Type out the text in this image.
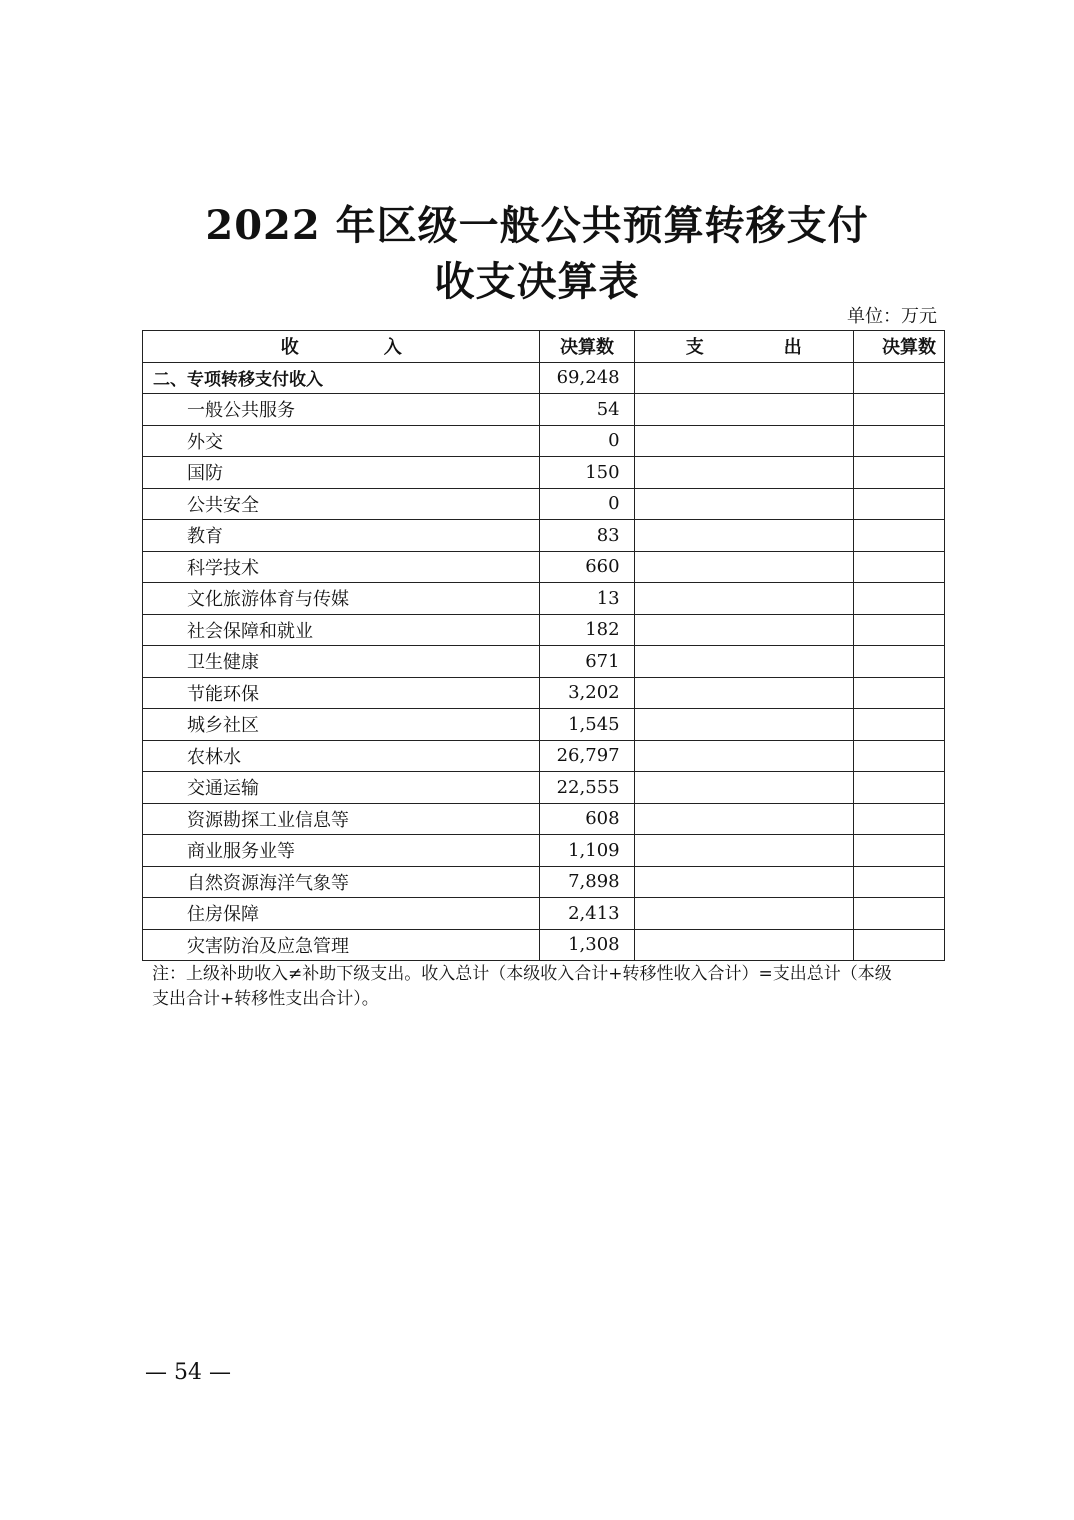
2022 年区级一般公共预算转移支付
收支决算表
单位：万元
收 入	决算数	支 出	决算数
二、专项转移支付收入	69,248		
一般公共服务	54		
外交	0		
国防	150		
公共安全	0		
教育	83		
科学技术	660		
文化旅游体育与传媒	13		
社会保障和就业	182		
卫生健康	671		
节能环保	3,202		
城乡社区	1,545		
农林水	26,797		
交通运输	22,555		
资源勘探工业信息等	608		
商业服务业等	1,109		
自然资源海洋气象等	7,898		
住房保障	2,413		
灾害防治及应急管理	1,308		
注：上级补助收入≠补助下级支出。收入总计（本级收入合计+转移性收入合计）=支出总计（本级
支出合计+转移性支出合计）。
— 54 —
